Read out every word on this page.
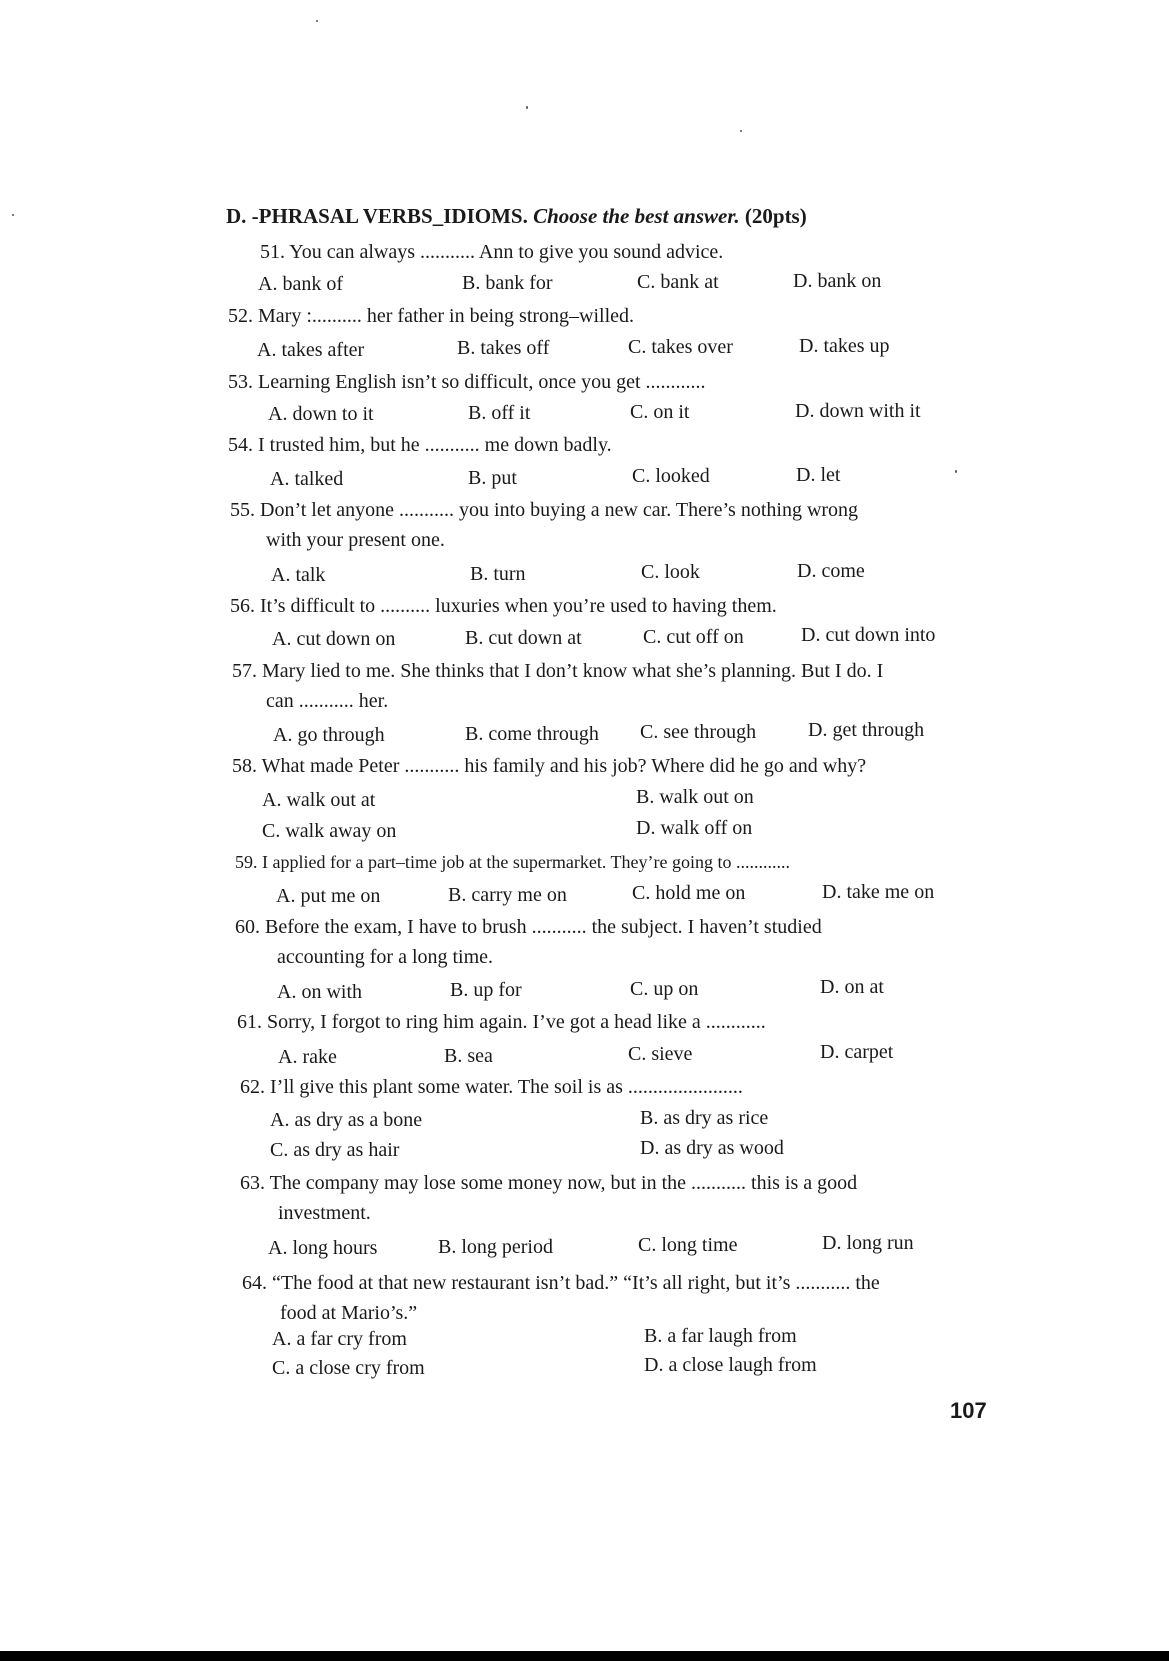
D. -PHRASAL VERBS_IDIOMS. Choose the best answer. (20pts)
51. You can always ........... Ann to give you sound advice.
A. bank of	B. bank for	C. bank at	D. bank on
52. Mary :.......... her father in being strong–willed.
A. takes after	B. takes off	C. takes over	D. takes up
53. Learning English isn’t so difficult, once you get ............
A. down to it	B. off it	C. on it	D. down with it
54. I trusted him, but he ........... me down badly.
A. talked	B. put	C. looked	D. let
55. Don’t let anyone ........... you into buying a new car. There’s nothing wrong
with your present one.
A. talk	B. turn	C. look	D. come
56. It’s difficult to .......... luxuries when you’re used to having them.
A. cut down on	B. cut down at	C. cut off on	D. cut down into
57. Mary lied to me. She thinks that I don’t know what she’s planning. But I do. I
can ........... her.
A. go through	B. come through C. see through	D. get through
58. What made Peter ........... his family and his job? Where did he go and why?
A. walk out at	B. walk out on
C. walk away on	D. walk off on
59. I applied for a part–time job at the supermarket. They’re going to ............
A. put me on	B. carry me on	C. hold me on	D. take me on
60. Before the exam, I have to brush ........... the subject. I haven’t studied
accounting for a long time.
A. on with	B. up for	C. up on	D. on at
61. Sorry, I forgot to ring him again. I’ve got a head like a ............
A. rake	B. sea	C. sieve	D. carpet
62. I’ll give this plant some water. The soil is as .......................
A. as dry as a bone	B. as dry as rice
C. as dry as hair	D. as dry as wood
63. The company may lose some money now, but in the ........... this is a good
investment.
A. long hours	B. long period	C. long time	D. long run
64. “The food at that new restaurant isn’t bad.” “It’s all right, but it’s ........... the
food at Mario’s.”
A. a far cry from	B. a far laugh from
C. a close cry from	D. a close laugh from
107
